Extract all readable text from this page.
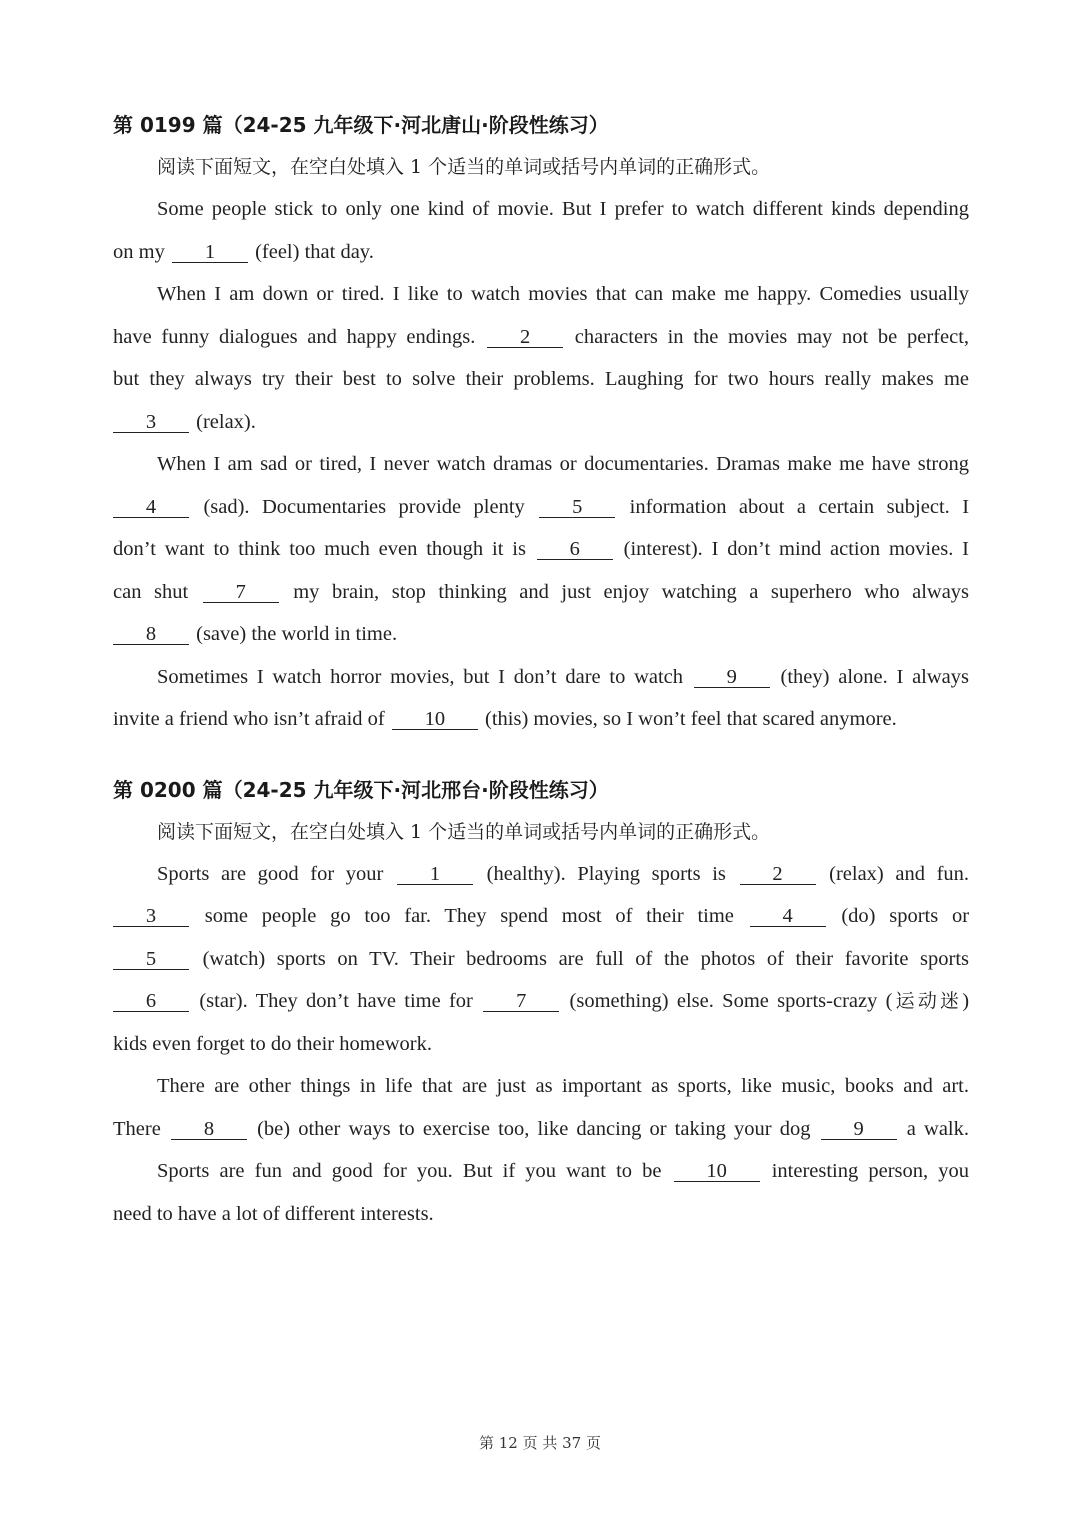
第 0199 篇（24-25 九年级下·河北唐山·阶段性练习）
阅读下面短文，在空白处填入 1 个适当的单词或括号内单词的正确形式。
Some people stick to only one kind of movie. But I prefer to watch different kinds depending
on my 1 (feel) that day.
When I am down or tired. I like to watch movies that can make me happy. Comedies usually
have funny dialogues and happy endings. 2 characters in the movies may not be perfect,
but they always try their best to solve their problems. Laughing for two hours really makes me
3 (relax).
When I am sad or tired, I never watch dramas or documentaries. Dramas make me have strong
4 (sad). Documentaries provide plenty 5 information about a certain subject. I
don’t want to think too much even though it is 6 (interest). I don’t mind action movies. I
can shut 7 my brain, stop thinking and just enjoy watching a superhero who always
8 (save) the world in time.
Sometimes I watch horror movies, but I don’t dare to watch 9 (they) alone. I always
invite a friend who isn’t afraid of 10 (this) movies, so I won’t feel that scared anymore.
第 0200 篇（24-25 九年级下·河北邢台·阶段性练习）
阅读下面短文，在空白处填入 1 个适当的单词或括号内单词的正确形式。
Sports are good for your 1 (healthy). Playing sports is 2 (relax) and fun.
3 some people go too far. They spend most of their time 4 (do) sports or
5 (watch) sports on TV. Their bedrooms are full of the photos of their favorite sports
6 (star). They don’t have time for 7 (something) else. Some sports-crazy (运动迷)
kids even forget to do their homework.
There are other things in life that are just as important as sports, like music, books and art.
There 8 (be) other ways to exercise too, like dancing or taking your dog 9 a walk.
Sports are fun and good for you. But if you want to be 10 interesting person, you
need to have a lot of different interests.
第 12 页 共 37 页
